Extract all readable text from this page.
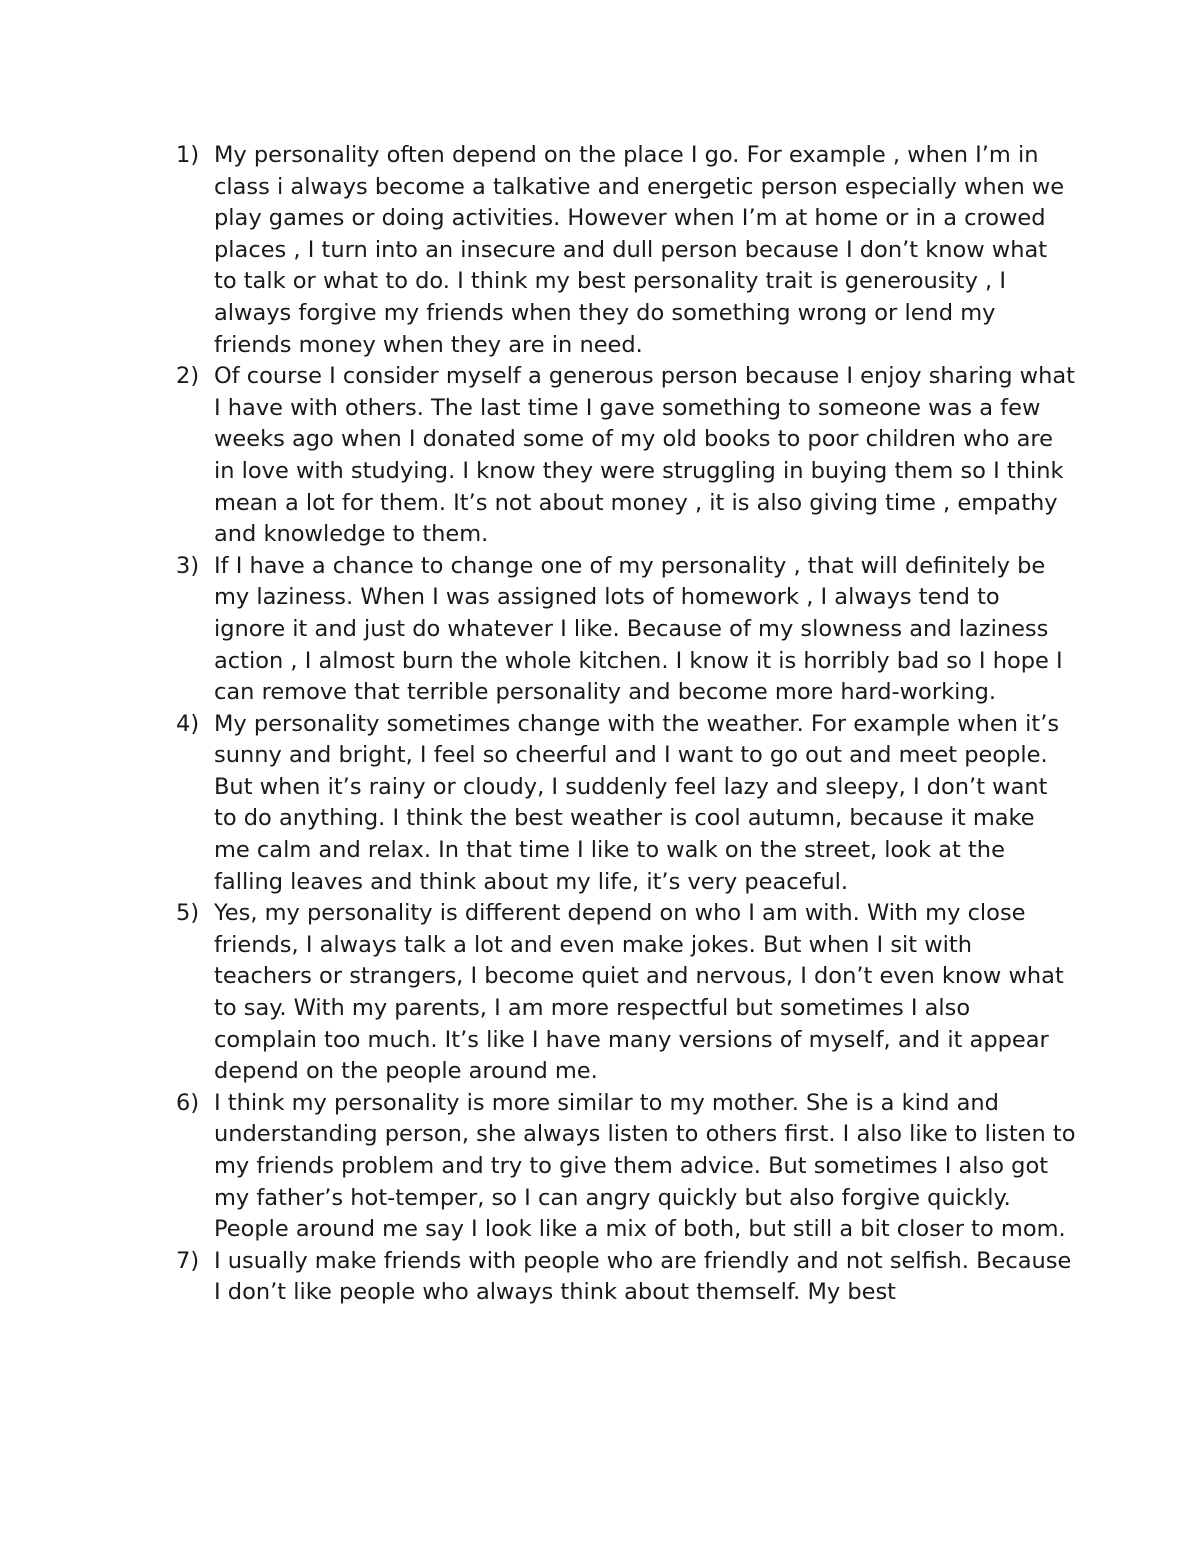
1) My personality often depend on the place I go. For example , when I’m in class i always become a talkative and energetic person especially when we play games or doing activities. However when I’m at home or in a crowed places , I turn into an insecure and dull person because I don’t know what to talk or what to do. I think my best personality trait is generousity , I always forgive my friends when they do something wrong or lend my friends money when they are in need.
2) Of course I consider myself a generous person because I enjoy sharing what I have with others. The last time I gave something to someone was a few weeks ago when I donated some of my old books to poor children who are in love with studying. I know they were struggling in buying them so I think mean a lot for them. It’s not about money , it is also giving time , empathy and knowledge to them.
3) If I have a chance to change one of my personality , that will definitely be my laziness. When I was assigned lots of homework , I always tend to ignore it and just do whatever I like. Because of my slowness and laziness action , I almost burn the whole kitchen. I know it is horribly bad so I hope I can remove that terrible personality and become more hard-working.
4) My personality sometimes change with the weather. For example when it’s sunny and bright, I feel so cheerful and I want to go out and meet people. But when it’s rainy or cloudy, I suddenly feel lazy and sleepy, I don’t want to do anything. I think the best weather is cool autumn, because it make me calm and relax. In that time I like to walk on the street, look at the falling leaves and think about my life, it’s very peaceful.
5) Yes, my personality is different depend on who I am with. With my close friends, I always talk a lot and even make jokes. But when I sit with teachers or strangers, I become quiet and nervous, I don’t even know what to say. With my parents, I am more respectful but sometimes I also complain too much. It’s like I have many versions of myself, and it appear depend on the people around me.
6) I think my personality is more similar to my mother. She is a kind and understanding person, she always listen to others first. I also like to listen to my friends problem and try to give them advice. But sometimes I also got my father’s hot-temper, so I can angry quickly but also forgive quickly. People around me say I look like a mix of both, but still a bit closer to mom.
7) I usually make friends with people who are friendly and not selfish. Because I don’t like people who always think about themself. My best
